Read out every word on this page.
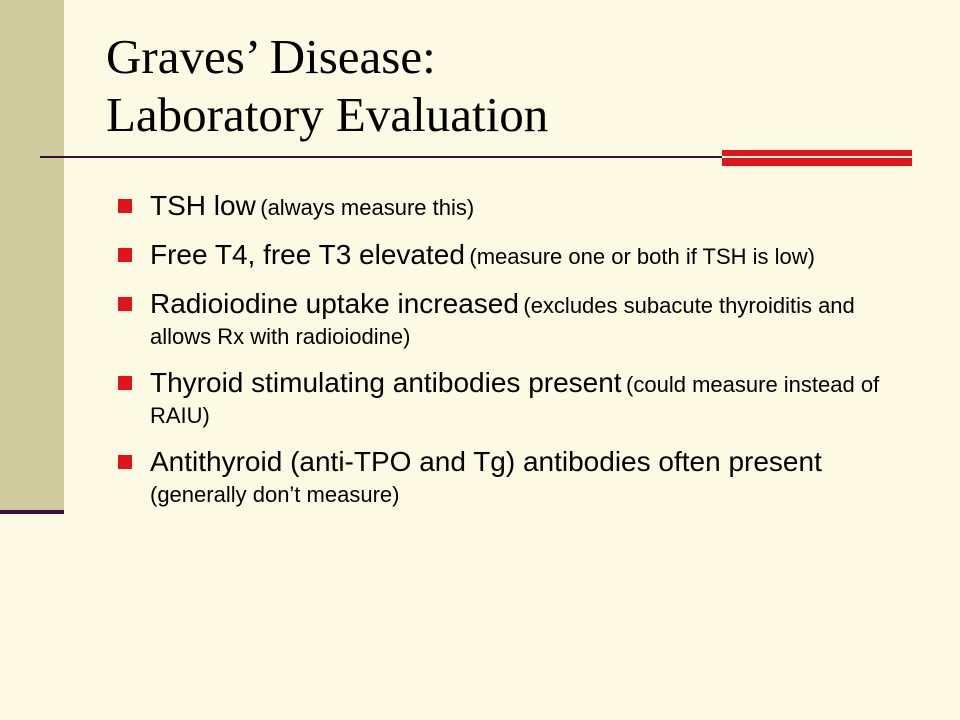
Graves’ Disease:
Laboratory Evaluation
TSH low (always measure this)
Free T4, free T3 elevated (measure one or both if TSH is low)
Radioiodine uptake increased (excludes subacute thyroiditis and allows Rx with radioiodine)
Thyroid stimulating antibodies present (could measure instead of RAIU)
Antithyroid (anti-TPO and Tg) antibodies often present (generally don’t measure)
